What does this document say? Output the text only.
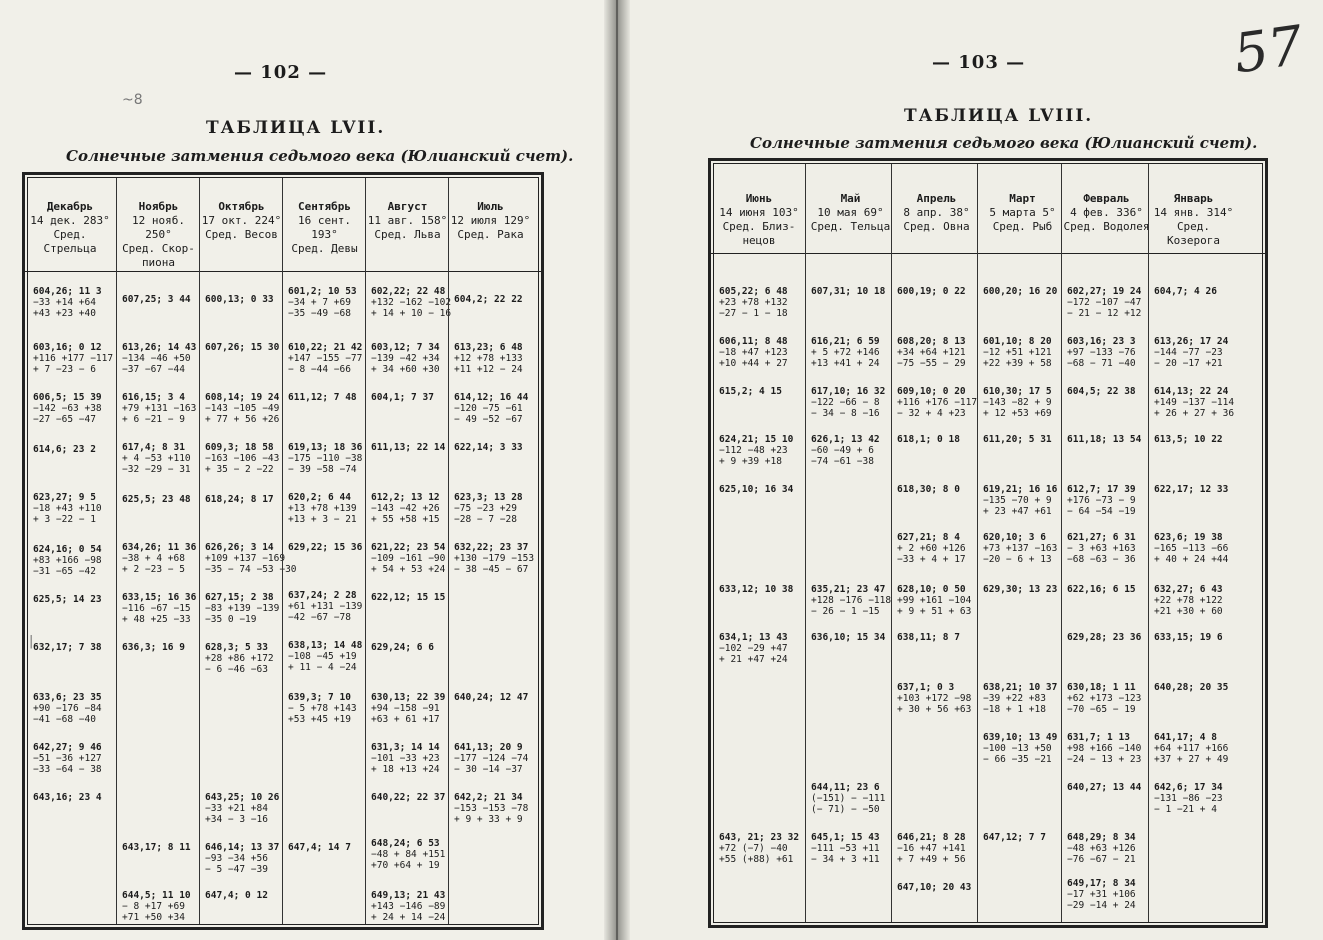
— 102 —
ТАБЛИЦА LVII.
Солнечные затмения седьмого века (Юлианский счет).
Декабрь
14 дек. 283°
Сред. Стрельца
604,26; 11 3
−33 +14 +64
+43 +23 +40
603,16; 0 12
+116 +177 −117
+ 7 −23 − 6
606,5; 15 39
−142 −63 +38
−27 −65 −47
614,6; 23 2
623,27; 9 5
−18 +43 +110
+ 3 −22 − 1
624,16; 0 54
+83 +166 −98
−31 −65 −42
625,5; 14 23
632,17; 7 38
633,6; 23 35
+90 −176 −84
−41 −68 −40
642,27; 9 46
−51 −36 +127
−33 −64 − 38
643,16; 23 4
Ноябрь
12 нояб. 250°
Сред. Скор-
пиона
607,25; 3 44
613,26; 14 43
−134 −46 +50
−37 −67 −44
616,15; 3 4
+79 +131 −163
+ 6 −21 − 9
617,4; 8 31
+ 4 −53 +110
−32 −29 − 31
625,5; 23 48
634,26; 11 36
−38 + 4 +68
+ 2 −23 − 5
633,15; 16 36
−116 −67 −15
+ 48 +25 −33
636,3; 16 9
643,17; 8 11
644,5; 11 10
− 8 +17 +69
+71 +50 +34
Октябрь
17 окт. 224°
Сред. Весов
600,13; 0 33
607,26; 15 30
608,14; 19 24
−143 −105 −49
+ 77 + 56 +26
609,3; 18 58
−163 −106 −43
+ 35 − 2 −22
618,24; 8 17
626,26; 3 14
+109 +137 −169
−35 − 74 −53 −30
627,15; 2 38
−83 +139 −139
−35 0 −19
628,3; 5 33
+28 +86 +172
− 6 −46 −63
643,25; 10 26
−33 +21 +84
+34 − 3 −16
646,14; 13 37
−93 −34 +56
− 5 −47 −39
647,4; 0 12
Сентябрь
16 сент. 193°
Сред. Девы
601,2; 10 53
−34 + 7 +69
−35 −49 −68
610,22; 21 42
+147 −155 −77
− 8 −44 −66
611,12; 7 48
619,13; 18 36
−175 −110 −38
− 39 −58 −74
620,2; 6 44
+13 +78 +139
+13 + 3 − 21
629,22; 15 36
637,24; 2 28
+61 +131 −139
−42 −67 −78
638,13; 14 48
−108 −45 +19
+ 11 − 4 −24
639,3; 7 10
− 5 +78 +143
+53 +45 +19
647,4; 14 7
Август
11 авг. 158°
Сред. Льва
602,22; 22 48
+132 −162 −102
+ 14 + 10 − 16
603,12; 7 34
−139 −42 +34
+ 34 +60 +30
604,1; 7 37
611,13; 22 14
612,2; 13 12
−143 −42 +26
+ 55 +58 +15
621,22; 23 54
−109 −161 −90
+ 54 + 53 +24
622,12; 15 15
629,24; 6 6
630,13; 22 39
+94 −158 −91
+63 + 61 +17
631,3; 14 14
−101 −33 +23
+ 18 +13 +24
640,22; 22 37
648,24; 6 53
−48 + 84 +151
+70 +64 + 19
649,13; 21 43
+143 −146 −89
+ 24 + 14 −24
Июль
12 июля 129°
Сред. Рака
604,2; 22 22
613,23; 6 48
+12 +78 +133
+11 +12 − 24
614,12; 16 44
−120 −75 −61
− 49 −52 −67
622,14; 3 33
623,3; 13 28
−75 −23 +29
−28 − 7 −28
632,22; 23 37
+130 −179 −153
− 38 −45 − 67
640,24; 12 47
641,13; 20 9
−177 −124 −74
− 30 −14 −37
642,2; 21 34
−153 −153 −78
+ 9 + 33 + 9
— 103 —
ТАБЛИЦА LVIII.
Солнечные затмения седьмого века (Юлианский счет).
Июнь
14 июня 103°
Сред. Близ-
нецов
605,22; 6 48
+23 +78 +132
−27 − 1 − 18
606,11; 8 48
−18 +47 +123
+10 +44 + 27
615,2; 4 15
624,21; 15 10
−112 −48 +23
+ 9 +39 +18
625,10; 16 34
633,12; 10 38
634,1; 13 43
−102 −29 +47
+ 21 +47 +24
643, 21; 23 32
+72 (−7) −40
+55 (+88) +61
Май
10 мая 69°
Сред. Тельца
607,31; 10 18
616,21; 6 59
+ 5 +72 +146
+13 +41 + 24
617,10; 16 32
−122 −66 − 8
− 34 − 8 −16
626,1; 13 42
−60 −49 + 6
−74 −61 −38
635,21; 23 47
+128 −176 −118
− 26 − 1 −15
636,10; 15 34
644,11; 23 6
(−151) − −111
(− 71) − −50
645,1; 15 43
−111 −53 +11
− 34 + 3 +11
Апрель
8 апр. 38°
Сред. Овна
600,19; 0 22
608,20; 8 13
+34 +64 +121
−75 −55 − 29
609,10; 0 20
+116 +176 −117
− 32 + 4 +23
618,1; 0 18
618,30; 8 0
627,21; 8 4
+ 2 +60 +126
−33 + 4 + 17
628,10; 0 50
+99 +161 −104
+ 9 + 51 + 63
638,11; 8 7
637,1; 0 3
+103 +172 −98
+ 30 + 56 +63
646,21; 8 28
−16 +47 +141
+ 7 +49 + 56
647,10; 20 43
Март
5 марта 5°
Сред. Рыб
600,20; 16 20
601,10; 8 20
−12 +51 +121
+22 +39 + 58
610,30; 17 5
−143 −82 + 9
+ 12 +53 +69
611,20; 5 31
619,21; 16 16
−135 −70 + 9
+ 23 +47 +61
620,10; 3 6
+73 +137 −163
−20 − 6 + 13
629,30; 13 23
638,21; 10 37
−39 +22 +83
−18 + 1 +18
639,10; 13 49
−100 −13 +50
− 66 −35 −21
647,12; 7 7
Февраль
4 фев. 336°
Сред. Водолея
602,27; 19 24
−172 −107 −47
− 21 − 12 +12
603,16; 23 3
+97 −133 −76
−68 − 71 −40
604,5; 22 38
611,18; 13 54
612,7; 17 39
+176 −73 − 9
− 64 −54 −19
621,27; 6 31
− 3 +63 +163
−68 −63 − 36
622,16; 6 15
629,28; 23 36
630,18; 1 11
+62 +173 −123
−70 −65 − 19
631,7; 1 13
+98 +166 −140
−24 − 13 + 23
640,27; 13 44
648,29; 8 34
−48 +63 +126
−76 −67 − 21
649,17; 8 34
−17 +31 +106
−29 −14 + 24
Январь
14 янв. 314°
Сред. Козерога
604,7; 4 26
613,26; 17 24
−144 −77 −23
− 20 −17 +21
614,13; 22 24
+149 −137 −114
+ 26 + 27 + 36
613,5; 10 22
622,17; 12 33
623,6; 19 38
−165 −113 −66
+ 40 + 24 +44
632,27; 6 43
+22 +78 +122
+21 +30 + 60
633,15; 19 6
640,28; 20 35
641,17; 4 8
+64 +117 +166
+37 + 27 + 49
642,6; 17 34
−131 −86 −23
− 1 −21 + 4
57
~8
|
